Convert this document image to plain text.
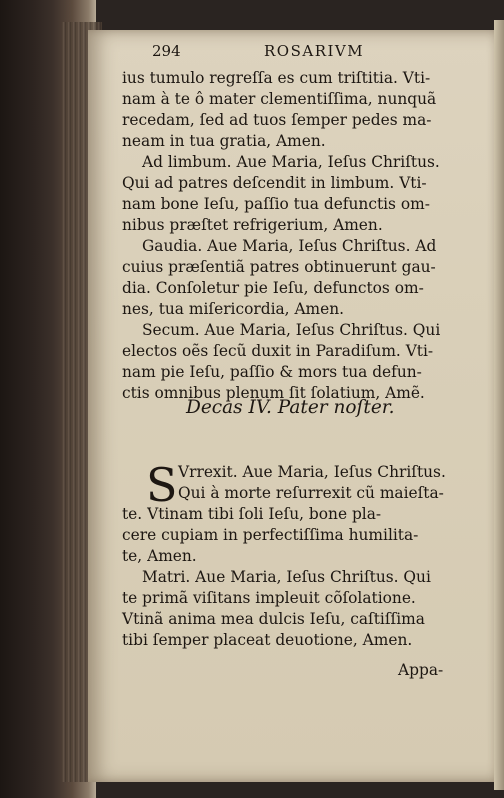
294	ROSARIVM
ius tumulo regreſſa es cum triſtitia. Vti-
nam à te ô mater clementiſſima, nunquã
recedam, ſed ad tuos ſemper pedes ma-
neam in tua gratia, Amen.
Ad limbum. Aue Maria, Ieſus Chriſtus.
Qui ad patres deſcendit in limbum. Vti-
nam bone Ieſu, paſſio tua defunctis om-
nibus præſtet refrigerium, Amen.
Gaudia. Aue Maria, Ieſus Chriſtus. Ad
cuius præſentiã patres obtinuerunt gau-
dia. Conſoletur pie Ieſu, defunctos om-
nes, tua miſericordia, Amen.
Secum. Aue Maria, Ieſus Chriſtus. Qui
electos oẽs ſecũ duxit in Paradiſum. Vti-
nam pie Ieſu, paſſio & mors tua defun-
ctis omnibus plenum ſit ſolatium, Amẽ.
Decas IV. Pater noſter.
S Vrrexit. Aue Maria, Ieſus Chriſtus.
Qui à morte reſurrexit cũ maieſta-
te. Vtinam tibi ſoli Ieſu, bone pla-
cere cupiam in perfectiſſima humilita-
te, Amen.
Matri. Aue Maria, Ieſus Chriſtus. Qui
te primã viſitans impleuit cõſolatione.
Vtinã anima mea dulcis Ieſu, caſtiſſima
tibi ſemper placeat deuotione, Amen.
Appa-
